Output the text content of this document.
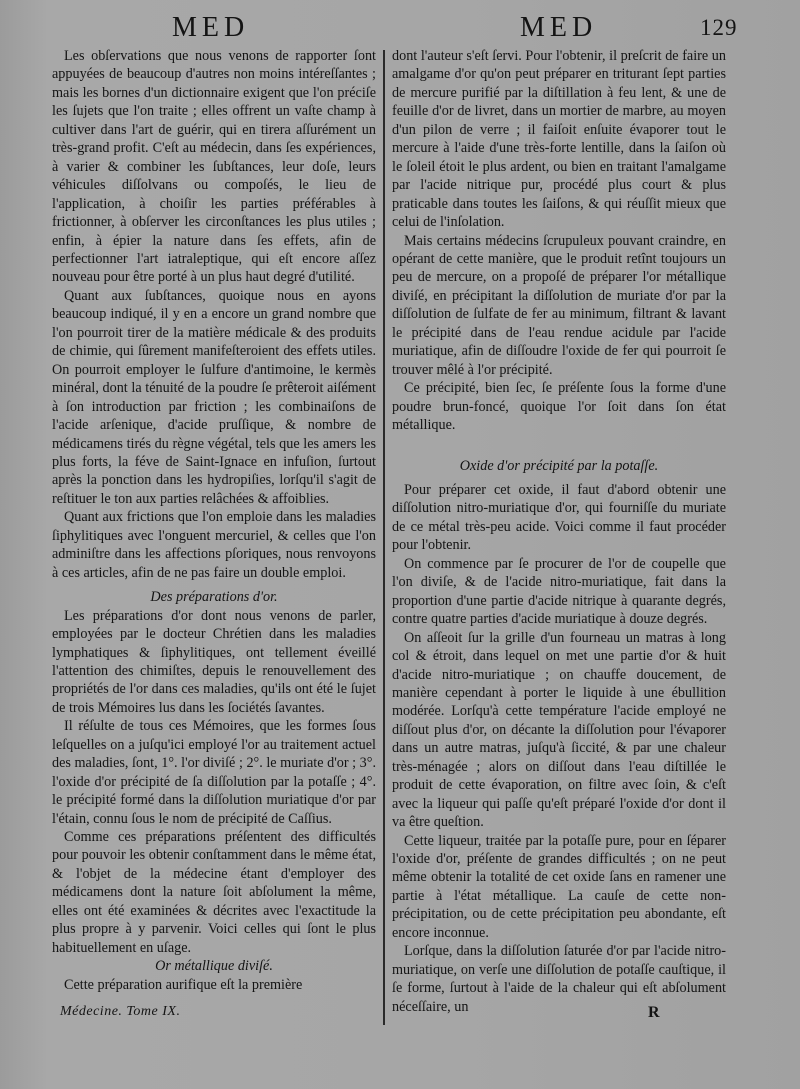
MED	MED	129

Les obſervations que nous venons de rapporter ſont appuyées de beaucoup d'autres non moins intéreſſantes ; mais les bornes d'un dictionnaire exigent que l'on préciſe les ſujets que l'on traite ; elles offrent un vaſte champ à cultiver dans l'art de guérir, qui en tirera aſſurément un très-grand profit. C'eſt au médecin, dans ſes expériences, à varier & combiner les ſubſtances, leur doſe, leurs véhicules diſſolvans ou compoſés, le lieu de l'application, à choiſir les parties préférables à frictionner, à obſerver les circonſtances les plus utiles ; enfin, à épier la nature dans ſes effets, afin de perfectionner l'art iatraleptique, qui eſt encore aſſez nouveau pour être porté à un plus haut degré d'utilité.

Quant aux ſubſtances, quoique nous en ayons beaucoup indiqué, il y en a encore un grand nombre que l'on pourroit tirer de la matière médicale & des produits de chimie, qui ſûrement manifeſteroient des effets utiles. On pourroit employer le ſulfure d'antimoine, le kermès minéral, dont la ténuité de la poudre ſe prêteroit aiſément à ſon introduction par friction ; les combinaiſons de l'acide arſenique, d'acide pruſſique, & nombre de médicamens tirés du règne végétal, tels que les amers les plus forts, la féve de Saint-Ignace en infuſion, ſurtout après la ponction dans les hydropiſies, lorſqu'il s'agit de reſtituer le ton aux parties relâchées & affoiblies.

Quant aux frictions que l'on emploie dans les maladies ſiphylitiques avec l'onguent mercuriel, & celles que l'on adminiſtre dans les affections pſoriques, nous renvoyons à ces articles, afin de ne pas faire un double emploi.

Des préparations d'or.

Les préparations d'or dont nous venons de parler, employées par le docteur Chrétien dans les maladies lymphatiques & ſiphylitiques, ont tellement éveillé l'attention des chimiſtes, depuis le renouvellement des propriétés de l'or dans ces maladies, qu'ils ont été le ſujet de trois Mémoires lus dans les ſociétés ſavantes.

Il réſulte de tous ces Mémoires, que les formes ſous leſquelles on a juſqu'ici employé l'or au traitement actuel des maladies, ſont, 1°. l'or diviſé ; 2°. le muriate d'or ; 3°. l'oxide d'or précipité de ſa diſſolution par la potaſſe ; 4°. le précipité formé dans la diſſolution muriatique d'or par l'étain, connu ſous le nom de précipité de Caſſius.

Comme ces préparations préſentent des difficultés pour pouvoir les obtenir conſtamment dans le même état, & l'objet de la médecine étant d'employer des médicamens dont la nature ſoit abſolument la même, elles ont été examinées & décrites avec l'exactitude la plus propre à y parvenir. Voici celles qui ſont le plus habituellement en uſage.

Or métallique diviſé.

Cette préparation aurifique eſt la première

dont l'auteur s'eſt ſervi. Pour l'obtenir, il preſcrit de faire un amalgame d'or qu'on peut préparer en triturant ſept parties de mercure purifié par la diſtillation à feu lent, & une de feuille d'or de livret, dans un mortier de marbre, au moyen d'un pilon de verre ; il faiſoit enſuite évaporer tout le mercure à l'aide d'une très-forte lentille, dans la ſaiſon où le ſoleil étoit le plus ardent, ou bien en traitant l'amalgame par l'acide nitrique pur, procédé plus court & plus praticable dans toutes les ſaiſons, & qui réuſſit mieux que celui de l'inſolation.

Mais certains médecins ſcrupuleux pouvant craindre, en opérant de cette manière, que le produit retînt toujours un peu de mercure, on a propoſé de préparer l'or métallique diviſé, en précipitant la diſſolution de muriate d'or par la diſſolution de ſulfate de fer au minimum, filtrant & lavant le précipité dans de l'eau rendue acidule par l'acide muriatique, afin de diſſoudre l'oxide de fer qui pourroit ſe trouver mêlé à l'or précipité.

Ce précipité, bien ſec, ſe préſente ſous la forme d'une poudre brun-foncé, quoique l'or ſoit dans ſon état métallique.

Oxide d'or précipité par la potaſſe.

Pour préparer cet oxide, il faut d'abord obtenir une diſſolution nitro-muriatique d'or, qui fourniſſe du muriate de ce métal très-peu acide. Voici comme il faut procéder pour l'obtenir.

On commence par ſe procurer de l'or de coupelle que l'on diviſe, & de l'acide nitro-muriatique, fait dans la proportion d'une partie d'acide nitrique à quarante degrés, contre quatre parties d'acide muriatique à douze degrés.

On aſſeoit ſur la grille d'un fourneau un matras à long col & étroit, dans lequel on met une partie d'or & huit d'acide nitro-muriatique ; on chauffe doucement, de manière cependant à porter le liquide à une ébullition modérée. Lorſqu'à cette température l'acide employé ne diſſout plus d'or, on décante la diſſolution pour l'évaporer dans un autre matras, juſqu'à ſiccité, & par une chaleur très-ménagée ; alors on diſſout dans l'eau diſtillée le produit de cette évaporation, on filtre avec ſoin, & c'eſt avec la liqueur qui paſſe qu'eſt préparé l'oxide d'or dont il va être queſtion.

Cette liqueur, traitée par la potaſſe pure, pour en ſéparer l'oxide d'or, préſente de grandes difficultés ; on ne peut même obtenir la totalité de cet oxide ſans en ramener une partie à l'état métallique. La cauſe de cette non-précipitation, ou de cette précipitation peu abondante, eſt encore inconnue.

Lorſque, dans la diſſolution ſaturée d'or par l'acide nitro-muriatique, on verſe une diſſolution de potaſſe cauſtique, il ſe forme, ſurtout à l'aide de la chaleur qui eſt abſolument néceſſaire, un

Médecine. Tome IX.	R
